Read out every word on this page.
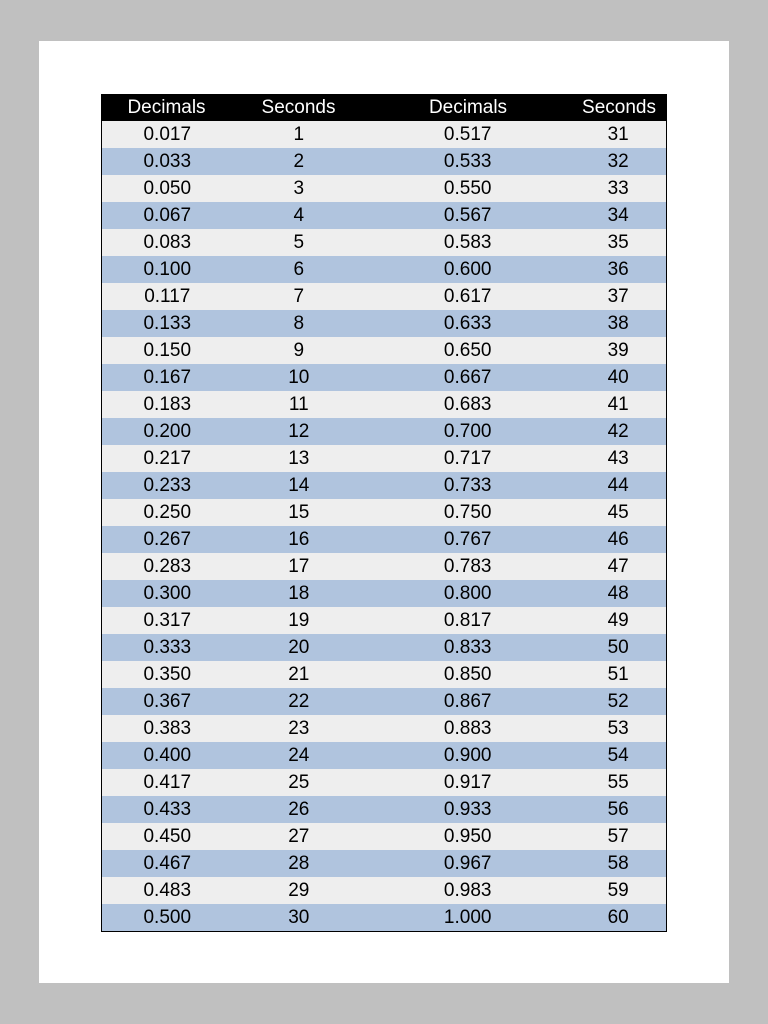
Decimals	Seconds	Decimals	Seconds
0.017	1	0.517	31
0.033	2	0.533	32
0.050	3	0.550	33
0.067	4	0.567	34
0.083	5	0.583	35
0.100	6	0.600	36
0.117	7	0.617	37
0.133	8	0.633	38
0.150	9	0.650	39
0.167	10	0.667	40
0.183	11	0.683	41
0.200	12	0.700	42
0.217	13	0.717	43
0.233	14	0.733	44
0.250	15	0.750	45
0.267	16	0.767	46
0.283	17	0.783	47
0.300	18	0.800	48
0.317	19	0.817	49
0.333	20	0.833	50
0.350	21	0.850	51
0.367	22	0.867	52
0.383	23	0.883	53
0.400	24	0.900	54
0.417	25	0.917	55
0.433	26	0.933	56
0.450	27	0.950	57
0.467	28	0.967	58
0.483	29	0.983	59
0.500	30	1.000	60
